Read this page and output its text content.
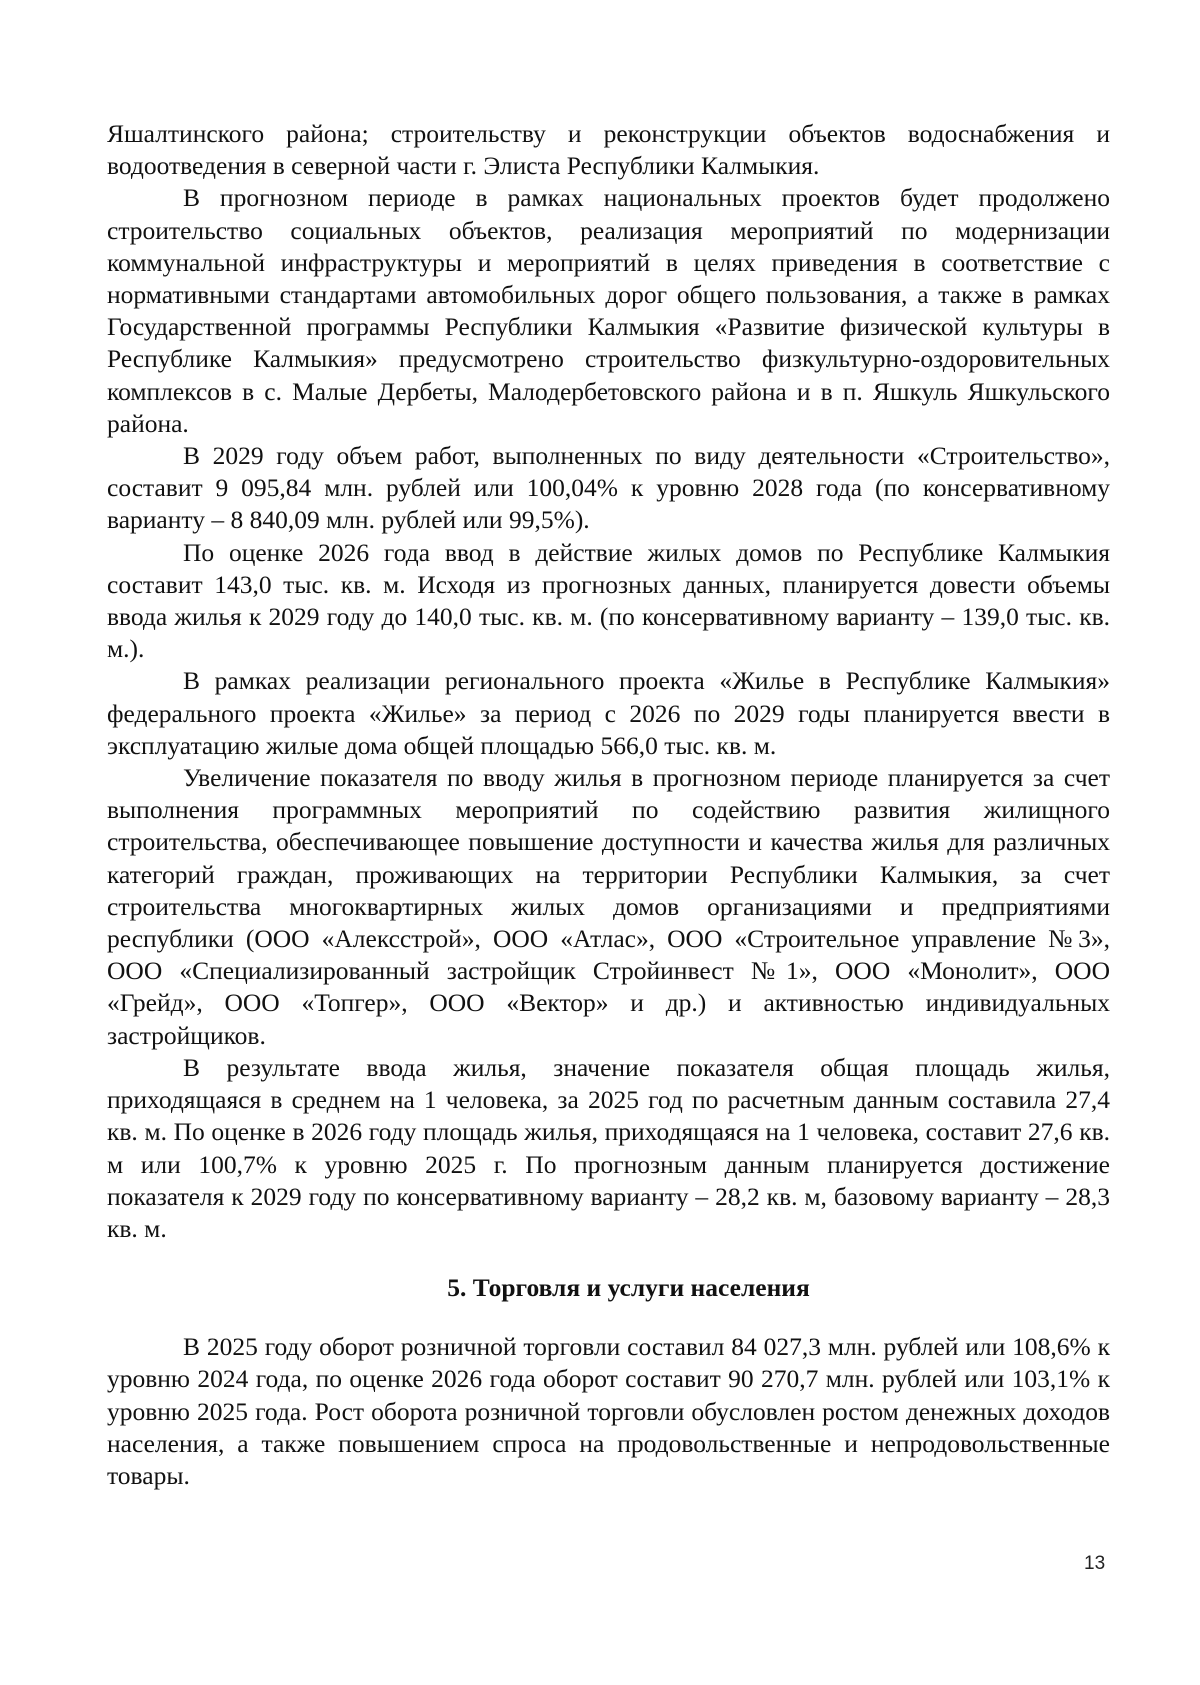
Яшалтинского района; строительству и реконструкции объектов водоснабжения и водоотведения в северной части г. Элиста Республики Калмыкия.

В прогнозном периоде в рамках национальных проектов будет продолжено строительство социальных объектов, реализация мероприятий по модернизации коммунальной инфраструктуры и мероприятий в целях приведения в соответствие с нормативными стандартами автомобильных дорог общего пользования, а также в рамках Государственной программы Республики Калмыкия «Развитие физической культуры в Республике Калмыкия» предусмотрено строительство физкультурно-оздоровительных комплексов в с. Малые Дербеты, Малодербетовского района и в п. Яшкуль Яшкульского района.

В 2029 году объем работ, выполненных по виду деятельности «Строительство», составит 9 095,84 млн. рублей или 100,04% к уровню 2028 года (по консервативному варианту – 8 840,09 млн. рублей или 99,5%).

По оценке 2026 года ввод в действие жилых домов по Республике Калмыкия составит 143,0 тыс. кв. м. Исходя из прогнозных данных, планируется довести объемы ввода жилья к 2029 году до 140,0 тыс. кв. м. (по консервативному варианту – 139,0 тыс. кв. м.).

В рамках реализации регионального проекта «Жилье в Республике Калмыкия» федерального проекта «Жилье» за период с 2026 по 2029 годы планируется ввести в эксплуатацию жилые дома общей площадью 566,0 тыс. кв. м.

Увеличение показателя по вводу жилья в прогнозном периоде планируется за счет выполнения программных мероприятий по содействию развития жилищного строительства, обеспечивающее повышение доступности и качества жилья для различных категорий граждан, проживающих на территории Республики Калмыкия, за счет строительства многоквартирных жилых домов организациями и предприятиями республики (ООО «Алексстрой», ООО «Атлас», ООО «Строительное управление №3», ООО «Специализированный застройщик Стройинвест №1», ООО «Монолит», ООО «Грейд», ООО «Топгер», ООО «Вектор» и др.) и активностью индивидуальных застройщиков.

В результате ввода жилья, значение показателя общая площадь жилья, приходящаяся в среднем на 1 человека, за 2025 год по расчетным данным составила 27,4 кв. м. По оценке в 2026 году площадь жилья, приходящаяся на 1 человека, составит 27,6 кв. м или 100,7% к уровню 2025 г. По прогнозным данным планируется достижение показателя к 2029 году по консервативному варианту – 28,2 кв. м, базовому варианту – 28,3 кв. м.

5. Торговля и услуги населения

В 2025 году оборот розничной торговли составил 84 027,3 млн. рублей или 108,6% к уровню 2024 года, по оценке 2026 года оборот составит 90 270,7 млн. рублей или 103,1% к уровню 2025 года. Рост оборота розничной торговли обусловлен ростом денежных доходов населения, а также повышением спроса на продовольственные и непродовольственные товары.

13
